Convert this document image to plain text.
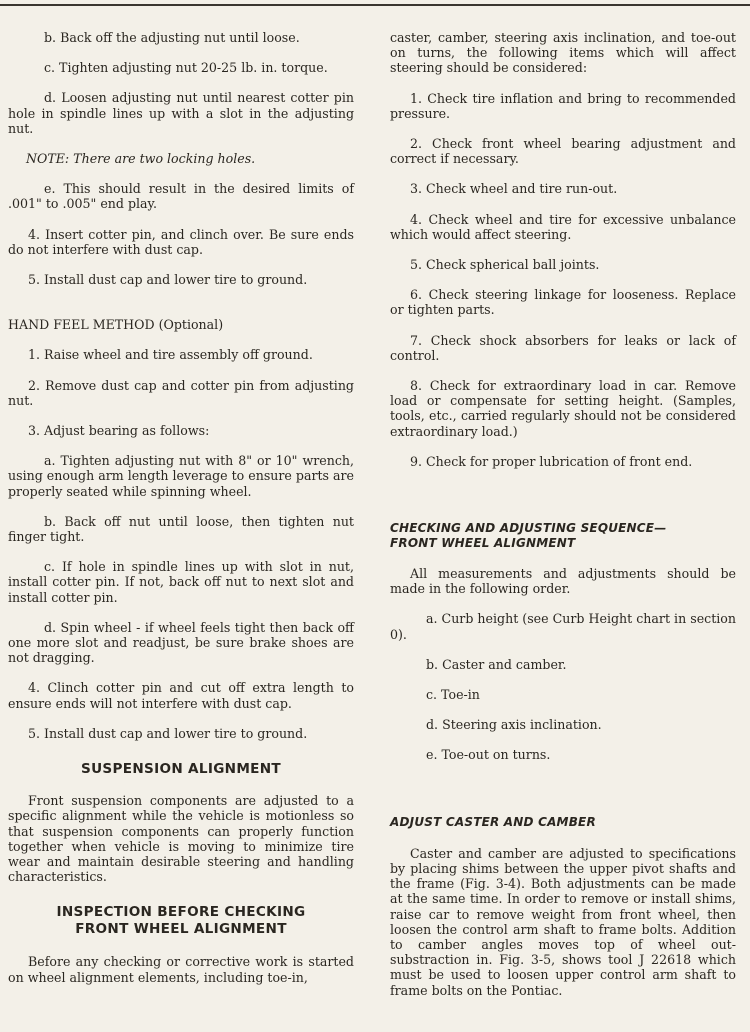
b. Back off the adjusting nut until loose.

c. Tighten adjusting nut 20-25 lb. in. torque.

d. Loosen adjusting nut until nearest cotter pin hole in spindle lines up with a slot in the adjusting nut.

NOTE: There are two locking holes.

e. This should result in the desired limits of .001" to .005" end play.

4. Insert cotter pin, and clinch over. Be sure ends do not interfere with dust cap.

5. Install dust cap and lower tire to ground.

HAND FEEL METHOD (Optional)

1. Raise wheel and tire assembly off ground.

2. Remove dust cap and cotter pin from adjusting nut.

3. Adjust bearing as follows:

a. Tighten adjusting nut with 8" or 10" wrench, using enough arm length leverage to ensure parts are properly seated while spinning wheel.

b. Back off nut until loose, then tighten nut finger tight.

c. If hole in spindle lines up with slot in nut, install cotter pin. If not, back off nut to next slot and install cotter pin.

d. Spin wheel - if wheel feels tight then back off one more slot and readjust, be sure brake shoes are not dragging.

4. Clinch cotter pin and cut off extra length to ensure ends will not interfere with dust cap.

5. Install dust cap and lower tire to ground.

SUSPENSION ALIGNMENT

Front suspension components are adjusted to a specific alignment while the vehicle is motionless so that suspension components can properly function together when vehicle is moving to minimize tire wear and maintain desirable steering and handling characteristics.

INSPECTION BEFORE CHECKING
FRONT WHEEL ALIGNMENT

Before any checking or corrective work is started on wheel alignment elements, including toe-in,

caster, camber, steering axis inclination, and toe-out on turns, the following items which will affect steering should be considered:

1. Check tire inflation and bring to recommended pressure.

2. Check front wheel bearing adjustment and correct if necessary.

3. Check wheel and tire run-out.

4. Check wheel and tire for excessive unbalance which would affect steering.

5. Check spherical ball joints.

6. Check steering linkage for looseness. Replace or tighten parts.

7. Check shock absorbers for leaks or lack of control.

8. Check for extraordinary load in car. Remove load or compensate for setting height. (Samples, tools, etc., carried regularly should not be considered extraordinary load.)

9. Check for proper lubrication of front end.

CHECKING AND ADJUSTING SEQUENCE—
FRONT WHEEL ALIGNMENT

All measurements and adjustments should be made in the following order.

a. Curb height (see Curb Height chart in section 0).

b. Caster and camber.

c. Toe-in

d. Steering axis inclination.

e. Toe-out on turns.

ADJUST CASTER AND CAMBER

Caster and camber are adjusted to specifications by placing shims between the upper pivot shafts and the frame (Fig. 3-4). Both adjustments can be made at the same time. In order to remove or install shims, raise car to remove weight from front wheel, then loosen the control arm shaft to frame bolts. Addition to camber angles moves top of wheel out-substraction in. Fig. 3-5, shows tool J 22618 which must be used to loosen upper control arm shaft to frame bolts on the Pontiac.
